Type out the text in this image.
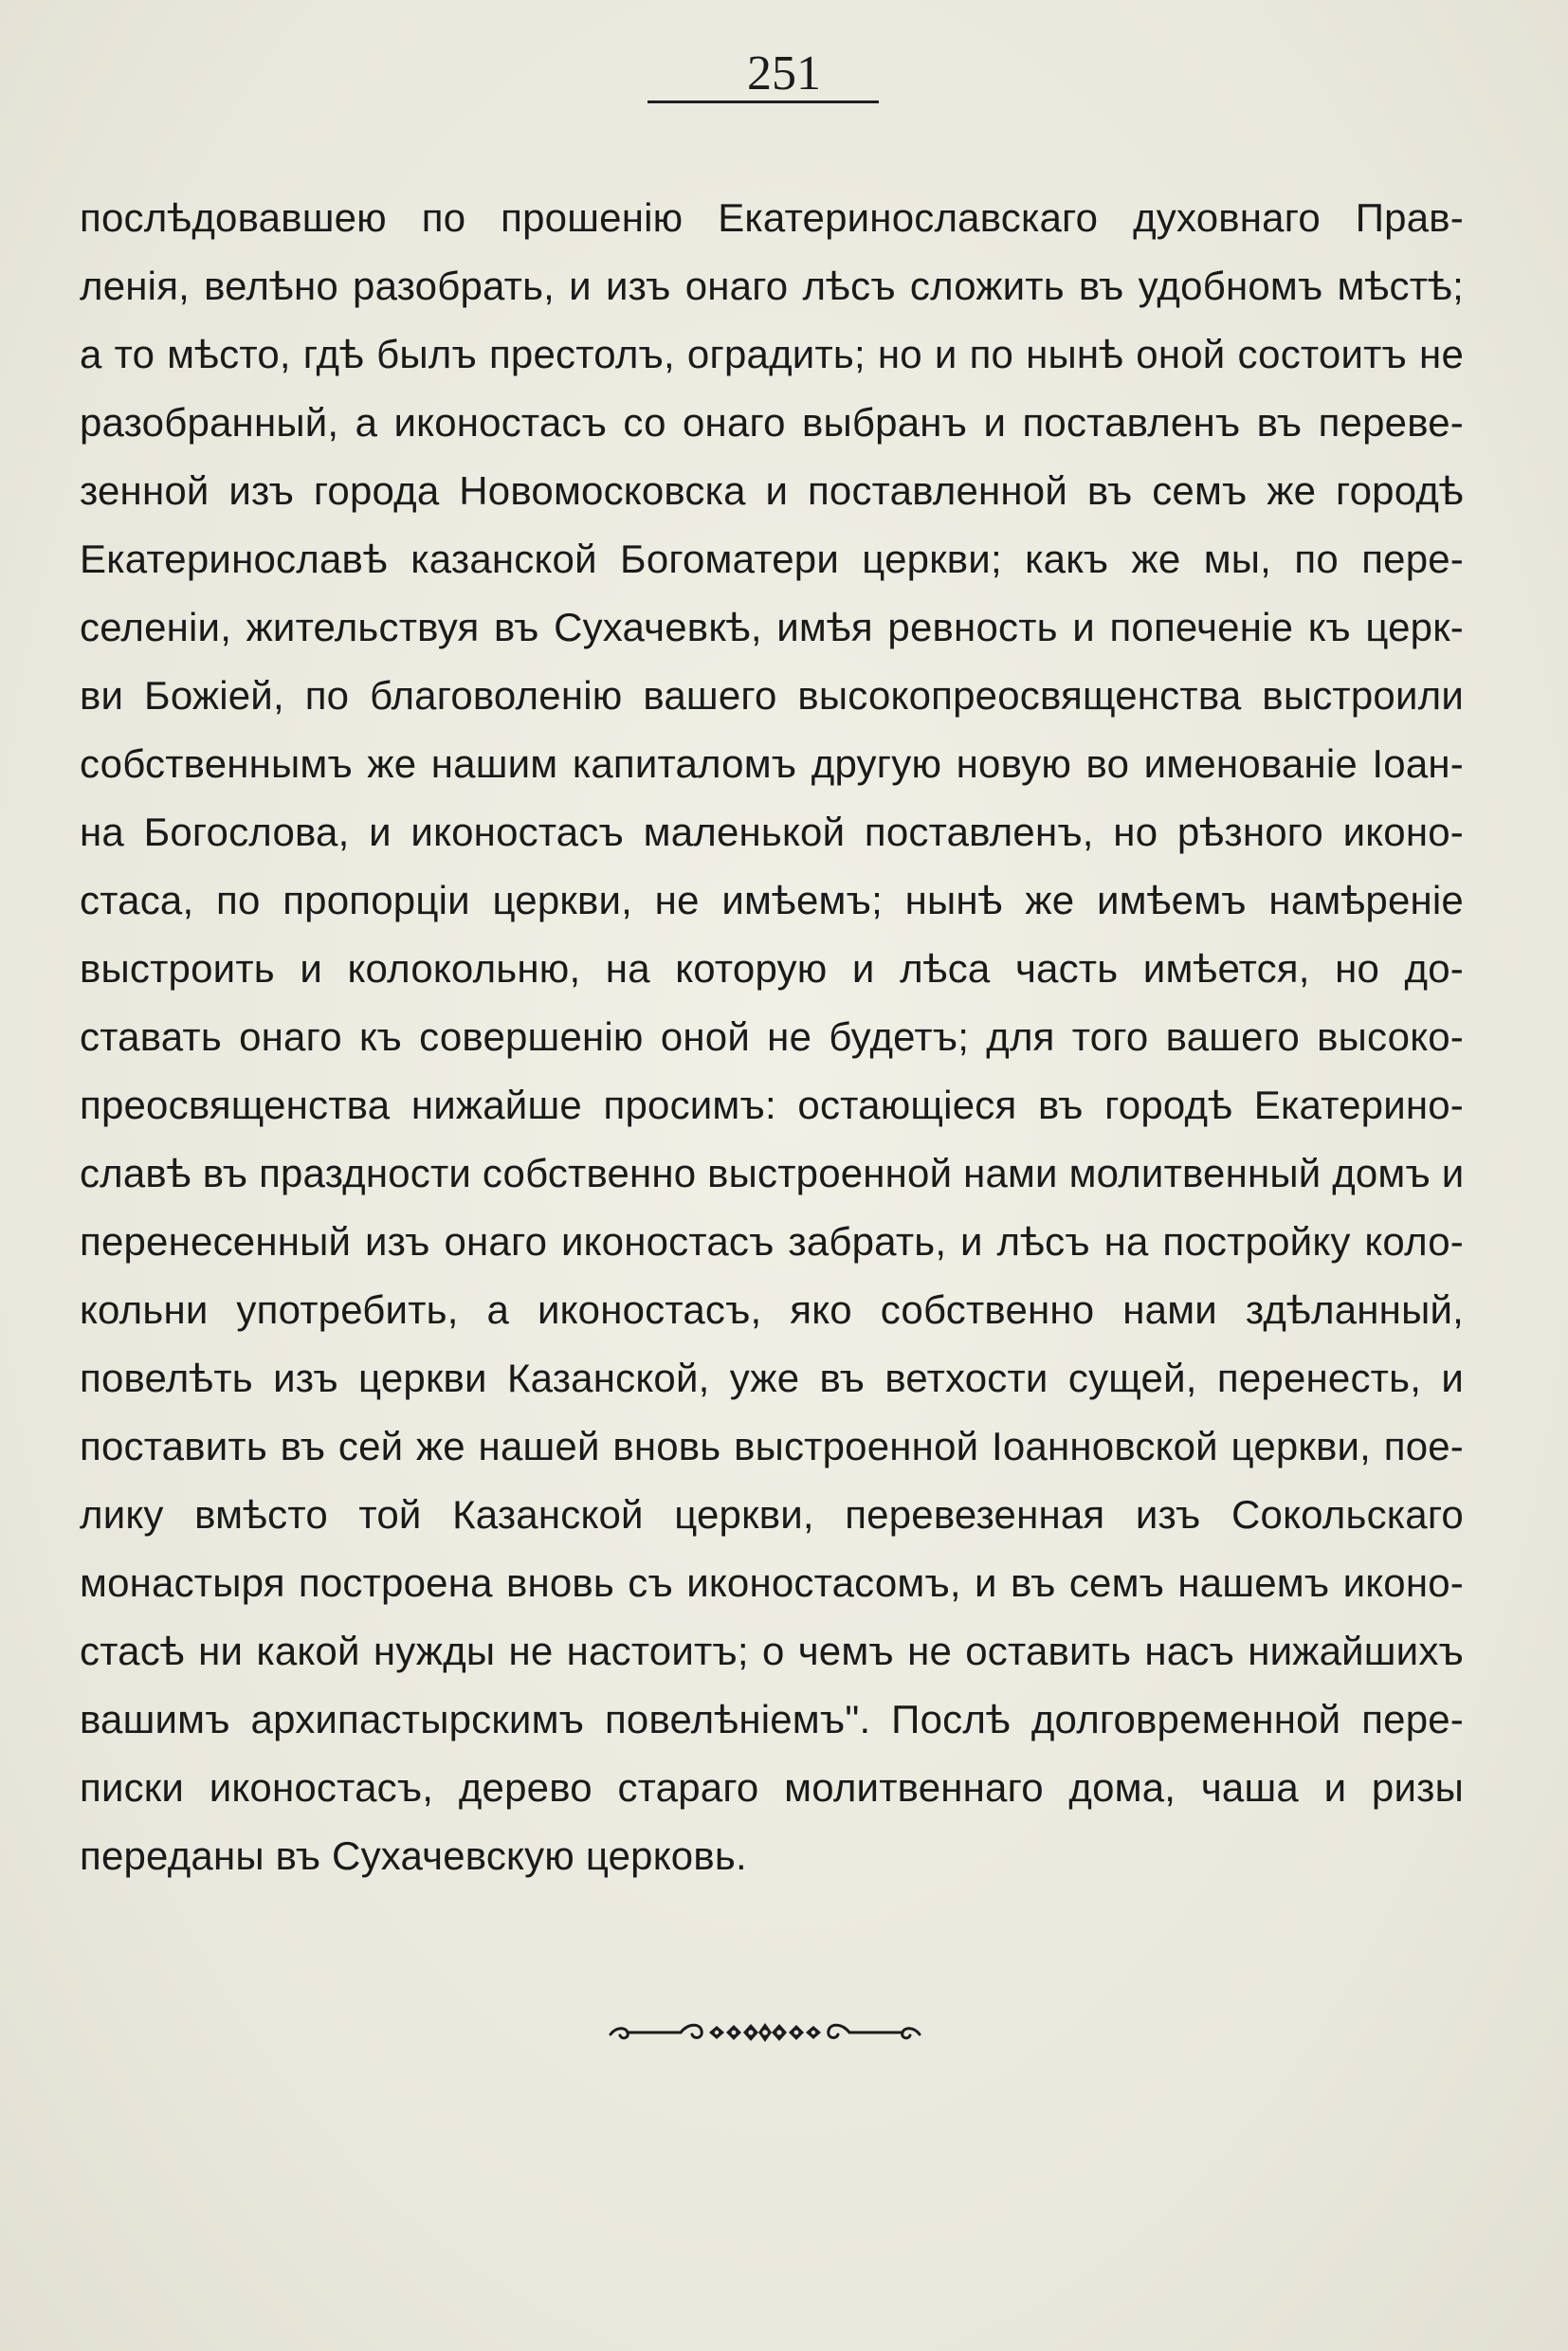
251
послѣдовавшею по прошенію Екатеринославскаго духовнаго Прав-
ленія, велѣно разобрать, и изъ онаго лѣсъ сложить въ удобномъ мѣстѣ;
а то мѣсто, гдѣ былъ престолъ, оградить; но и по нынѣ оной состоитъ не
разобранный, а иконостасъ со онаго выбранъ и поставленъ въ переве-
зенной изъ города Новомосковска и поставленной въ семъ же городѣ
Екатеринославѣ казанской Богоматери церкви; какъ же мы, по пере-
селеніи, жительствуя въ Сухачевкѣ, имѣя ревность и попеченіе къ церк-
ви Божіей, по благоволенію вашего высокопреосвященства выстроили
собственнымъ же нашим капиталомъ другую новую во именованіе Іоан-
на Богослова, и иконостасъ маленькой поставленъ, но рѣзного иконо-
стаса, по пропорціи церкви, не имѣемъ; нынѣ же имѣемъ намѣреніе
выстроить и колокольню, на которую и лѣса часть имѣется, но до-
ставать онаго къ совершенію оной не будетъ; для того вашего высоко-
преосвященства нижайше просимъ: остающіеся въ городѣ Екатерино-
славѣ въ праздности собственно выстроенной нами молитвенный домъ и
перенесенный изъ онаго иконостасъ забрать, и лѣсъ на постройку коло-
кольни употребить, а иконостасъ, яко собственно нами здѣланный,
повелѣть изъ церкви Казанской, уже въ ветхости сущей, перенесть, и
поставить въ сей же нашей вновь выстроенной Іоанновской церкви, пое-
лику вмѣсто той Казанской церкви, перевезенная изъ Сокольскаго
монастыря построена вновь съ иконостасомъ, и въ семъ нашемъ иконо-
стасѣ ни какой нужды не настоитъ; о чемъ не оставить насъ нижайшихъ
вашимъ архипастырскимъ повелѣніемъ". Послѣ долговременной пере-
писки иконостасъ, дерево стараго молитвеннаго дома, чаша и ризы
переданы въ Сухачевскую церковь.
